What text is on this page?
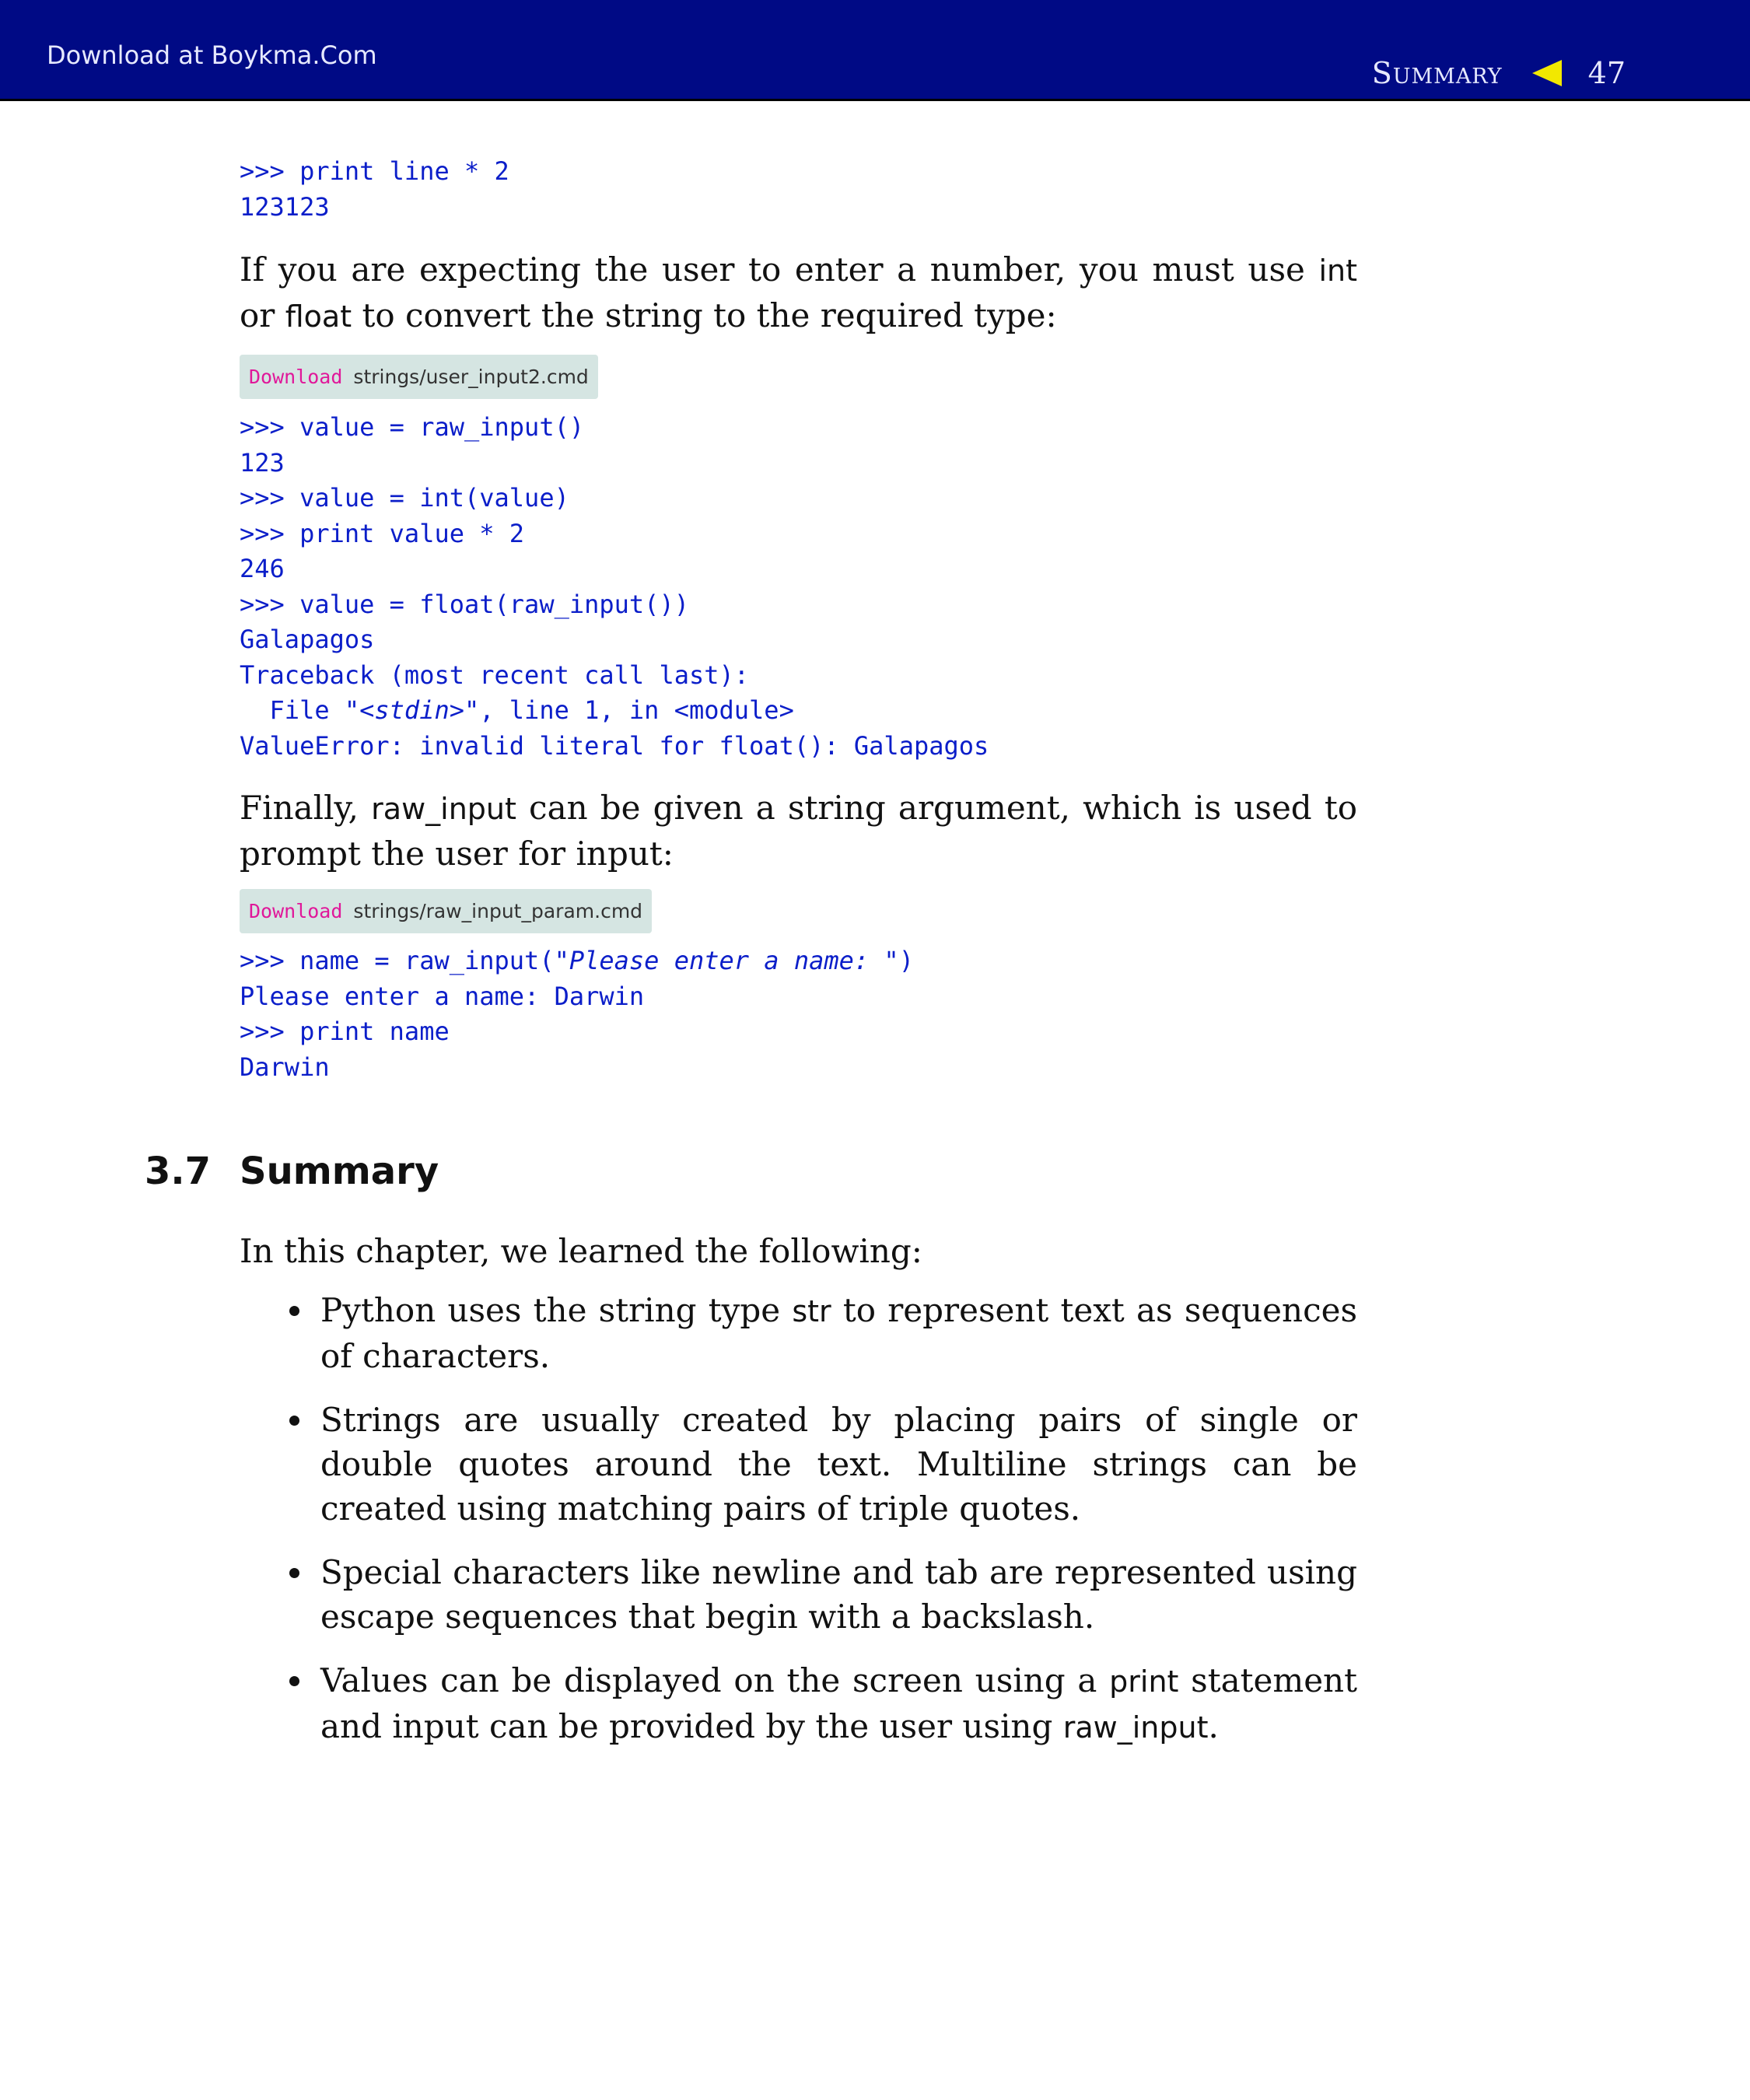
Download at Boykma.Com
Summary	47
>>> print line * 2
123123
If you are expecting the user to enter a number, you must use int or float to convert the string to the required type:
Download strings/user_input2.cmd
>>> value = raw_input()
123
>>> value = int(value)
>>> print value * 2
246
>>> value = float(raw_input())
Galapagos
Traceback (most recent call last):
File "<stdin>", line 1, in <module>
ValueError: invalid literal for float(): Galapagos
Finally, raw_input can be given a string argument, which is used to prompt the user for input:
Download strings/raw_input_param.cmd
>>> name = raw_input("Please enter a name: ")
Please enter a name: Darwin
>>> print name
Darwin
3.7 Summary
In this chapter, we learned the following:
Python uses the string type str to represent text as sequences of characters.
Strings are usually created by placing pairs of single or double quotes around the text. Multiline strings can be created using matching pairs of triple quotes.
Special characters like newline and tab are represented using escape sequences that begin with a backslash.
Values can be displayed on the screen using a print statement and input can be provided by the user using raw_input.
